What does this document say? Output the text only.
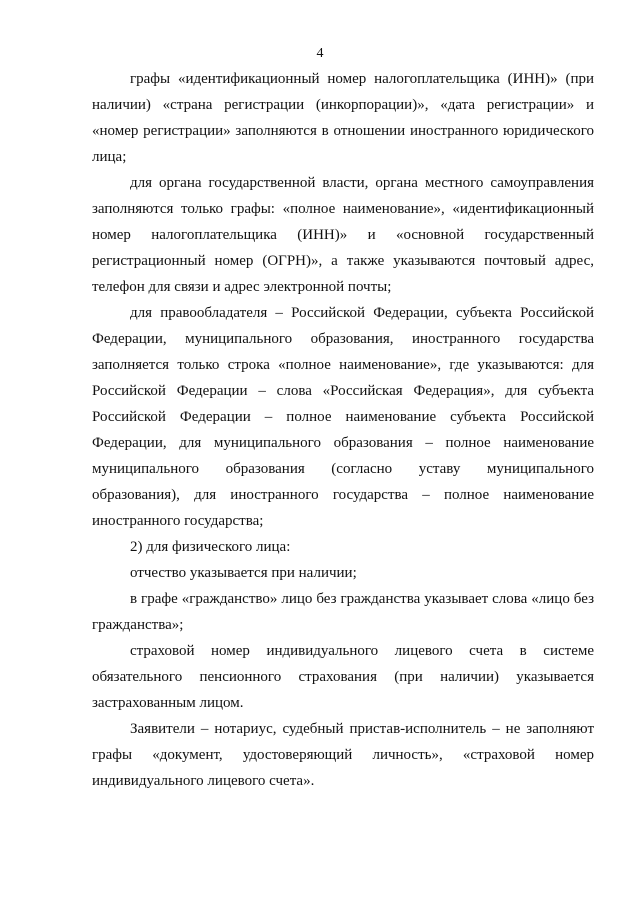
4

графы «идентификационный номер налогоплательщика (ИНН)» (при наличии) «страна регистрации (инкорпорации)», «дата регистрации» и «номер регистрации» заполняются в отношении иностранного юридического лица;

для органа государственной власти, органа местного самоуправления заполняются только графы: «полное наименование», «идентификационный номер налогоплательщика (ИНН)» и «основной государственный регистрационный номер (ОГРН)», а также указываются почтовый адрес, телефон для связи и адрес электронной почты;

для правообладателя – Российской Федерации, субъекта Российской Федерации, муниципального образования, иностранного государства заполняется только строка «полное наименование», где указываются: для Российской Федерации – слова «Российская Федерация», для субъекта Российской Федерации – полное наименование субъекта Российской Федерации, для муниципального образования – полное наименование муниципального образования (согласно уставу муниципального образования), для иностранного государства – полное наименование иностранного государства;

2) для физического лица:

отчество указывается при наличии;

в графе «гражданство» лицо без гражданства указывает слова «лицо без гражданства»;

страховой номер индивидуального лицевого счета в системе обязательного пенсионного страхования (при наличии) указывается застрахованным лицом.

Заявители – нотариус, судебный пристав-исполнитель – не заполняют графы «документ, удостоверяющий личность», «страховой номер индивидуального лицевого счета».
